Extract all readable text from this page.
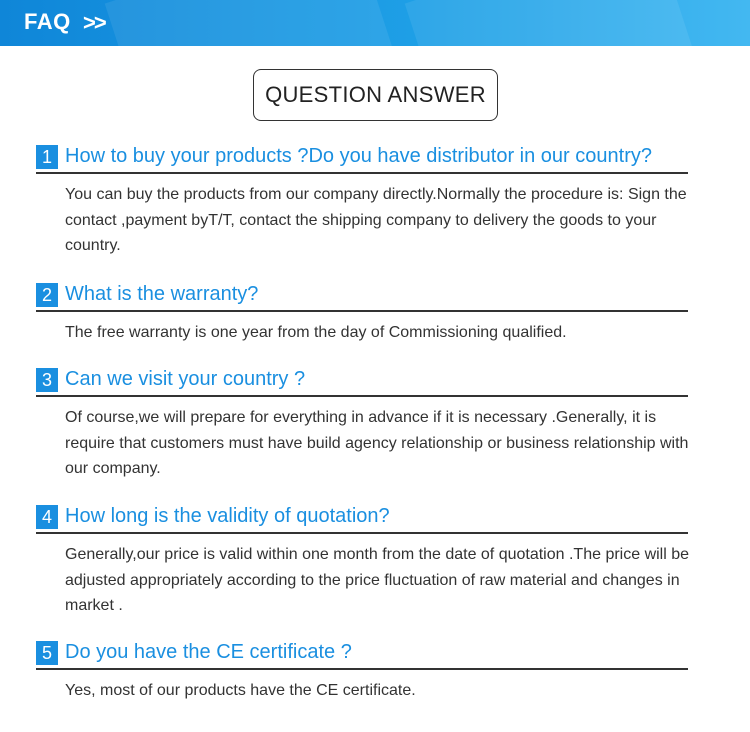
FAQ >>
QUESTION ANSWER
1 How to buy your products ?Do you have distributor in our country?
You can buy the products from our company directly.Normally the procedure is: Sign the contact ,payment byT/T, contact the shipping company to delivery the goods to your country.
2 What is the warranty?
The free warranty is one year from the day of Commissioning qualified.
3 Can we visit your country ?
Of course,we will prepare for everything in advance if it is necessary .Generally, it is require that customers must have build agency relationship or business relationship with our company.
4 How long is the validity of quotation?
Generally,our price is valid within one month from the date of quotation .The price will be adjusted appropriately according to the price fluctuation of raw material and changes in market .
5 Do you have the CE certificate ?
Yes, most of our products have the CE certificate.
